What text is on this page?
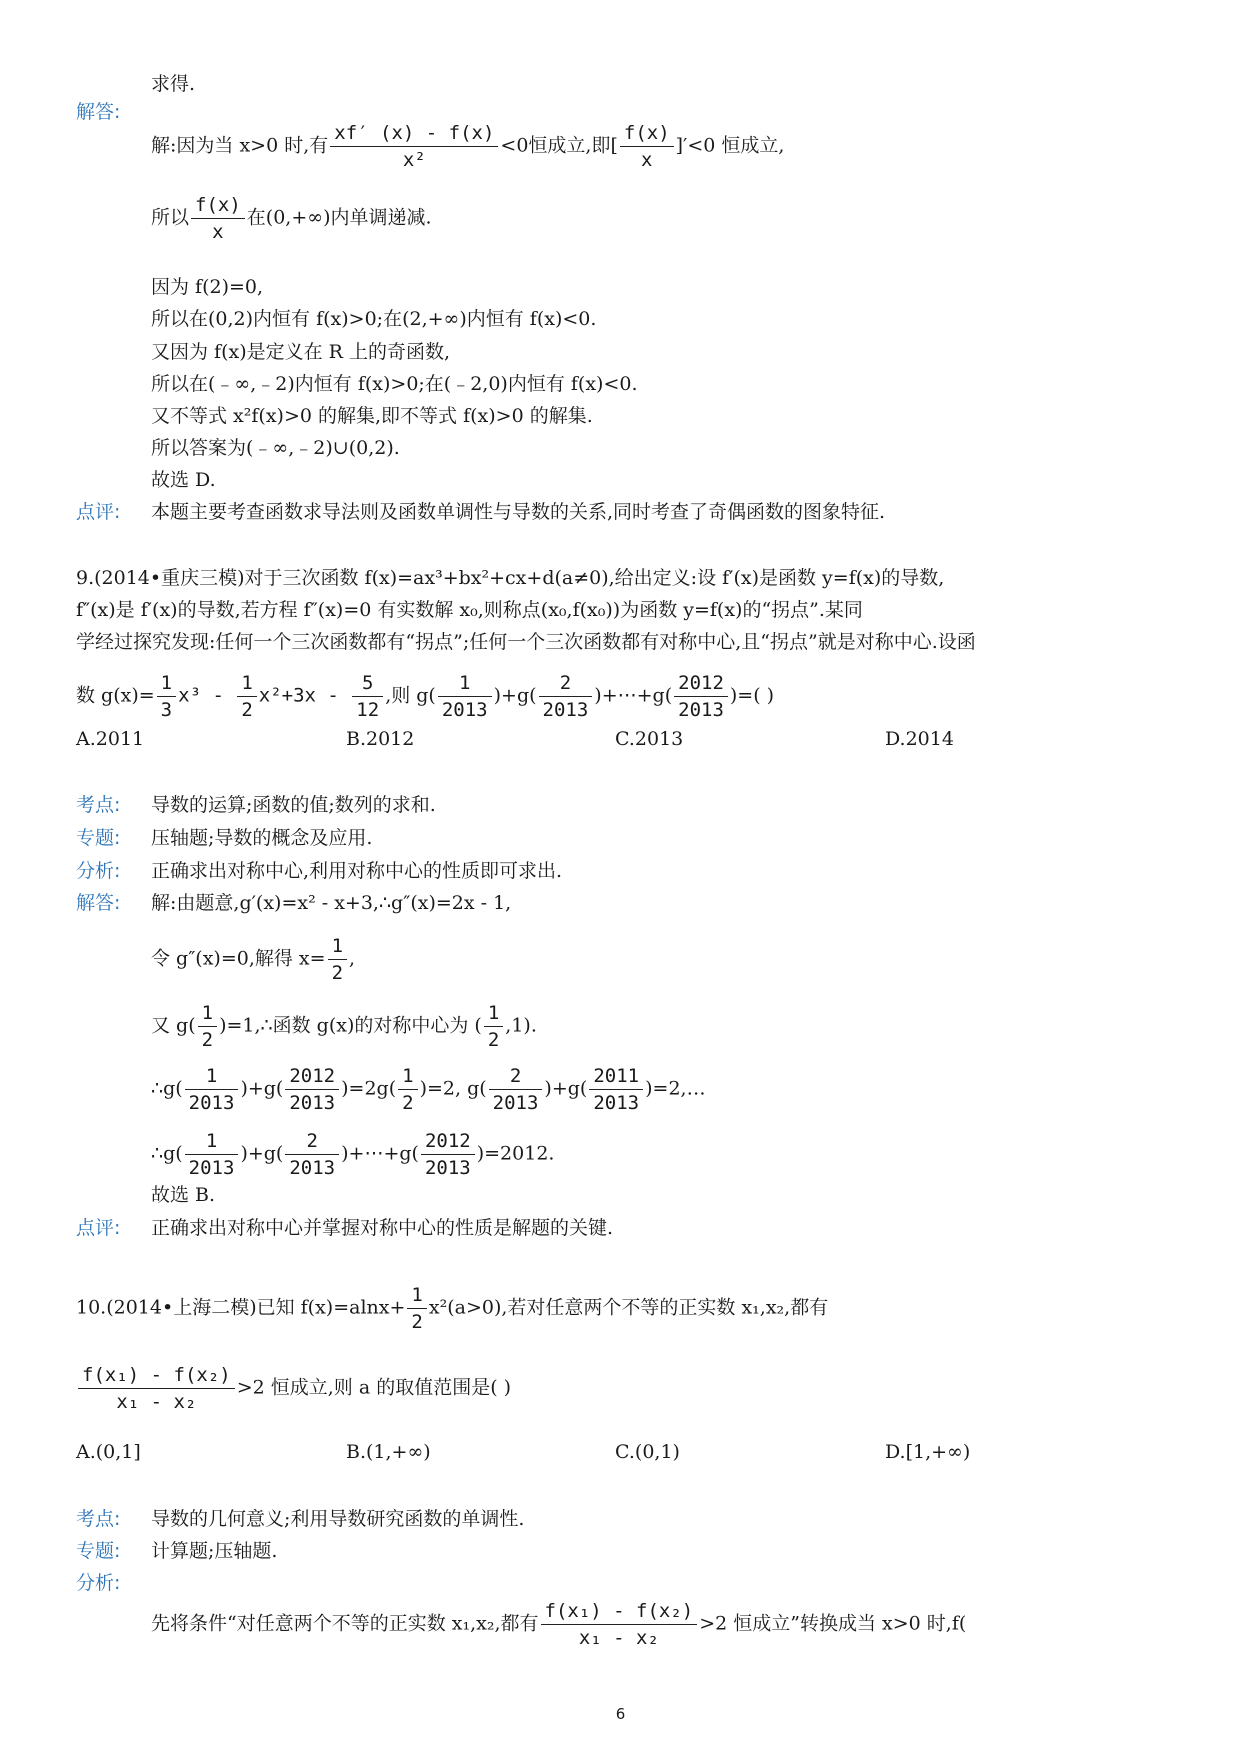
求得.
解答:
解:因为当 x>0 时,有 $\frac{xf' (x) - f(x)}{\text{x²}} <0$恒成立,即[ $\frac{f(x)}{x} ]'<0$ 恒成立,
所以 $\frac{f(x)}{x}$ 在(0,+∞)内单调递减.
因为 f(2)=0,
所以在(0,2)内恒有 f(x)>0;在(2,+∞)内恒有 f(x)<0.
又因为 f(x)是定义在 R 上的奇函数,
所以在(﹣∞,﹣2)内恒有 f(x)>0;在(﹣2,0)内恒有 f(x)<0.
又不等式 x²f(x)>0 的解集,即不等式 f(x)>0 的解集.
所以答案为(﹣∞,﹣2)∪(0,2).
故选 D.
点评: 本题主要考查函数求导法则及函数单调性与导数的关系,同时考查了奇偶函数的图象特征.
9.(2014•重庆三模)对于三次函数 f(x)=ax³+bx²+cx+d(a≠0),给出定义:设 f′(x)是函数 y=f(x)的导数,
f″(x)是 f′(x)的导数,若方程 f″(x)=0 有实数解 x₀,则称点(x₀,f(x₀))为函数 y=f(x)的“拐点”.某同
学经过探究发现:任何一个三次函数都有“拐点”;任何一个三次函数都有对称中心,且“拐点”就是对称中心.设函
数 $g(x)= \frac{1}{3} x^3 - \frac{1}{2} x^2+3x - \frac{5}{12}$ ,则 $g( \frac{1}{2013} )+g( \frac{2}{2013}$ )+⋯+g( $\frac{2012}{2013}$ )=( )
A.2011	B.2012	C.2013	D.2014
考点: 导数的运算;函数的值;数列的求和.
专题: 压轴题;导数的概念及应用.
分析: 正确求出对称中心,利用对称中心的性质即可求出.
解答: 解:由题意,g′(x)=x² - x+3,∴g″(x)=2x - 1,
令 g″(x)=0,解得 $x= \frac{1}{2}$ ,
又 $g( \frac{1}{2}$ )=1,∴函数 g(x)的对称中心为 ( $\frac{1}{2} ,1$).
∴g( $\frac{1}{2013} )+g( \frac{2012}{2013} )=2g( \frac{1}{2} )=2$, $g( \frac{2}{2013} )+g( \frac{2011}{2013}$ )=2,…
∴g( $\frac{1}{2013} )+g( \frac{2}{2013}$ )+⋯+g( $\frac{2012}{2013} )=2012$.
故选 B.
点评: 正确求出对称中心并掌握对称中心的性质是解题的关键.
10.(2014•上海二模)已知 $f(x)=alnx+ \frac{1}{2} x^2(a>0)$,若对任意两个不等的正实数 x₁,x₂,都有
$\frac{\text{f(x₁) - f(x₂)}}{\text{x₁ - x₂}} >2$ 恒成立,则 a 的取值范围是( )
A.(0,1]	B.(1,+∞)	C.(0,1)	D.[1,+∞)
考点: 导数的几何意义;利用导数研究函数的单调性.
专题: 计算题;压轴题.
分析:
先将条件“对任意两个不等的正实数 x₁,x₂,都有 $\frac{\text{f(x₁) - f(x₂)}}{\text{x₁ - x₂}} >2$ 恒成立”转换成当 x>0 时,f(
6
